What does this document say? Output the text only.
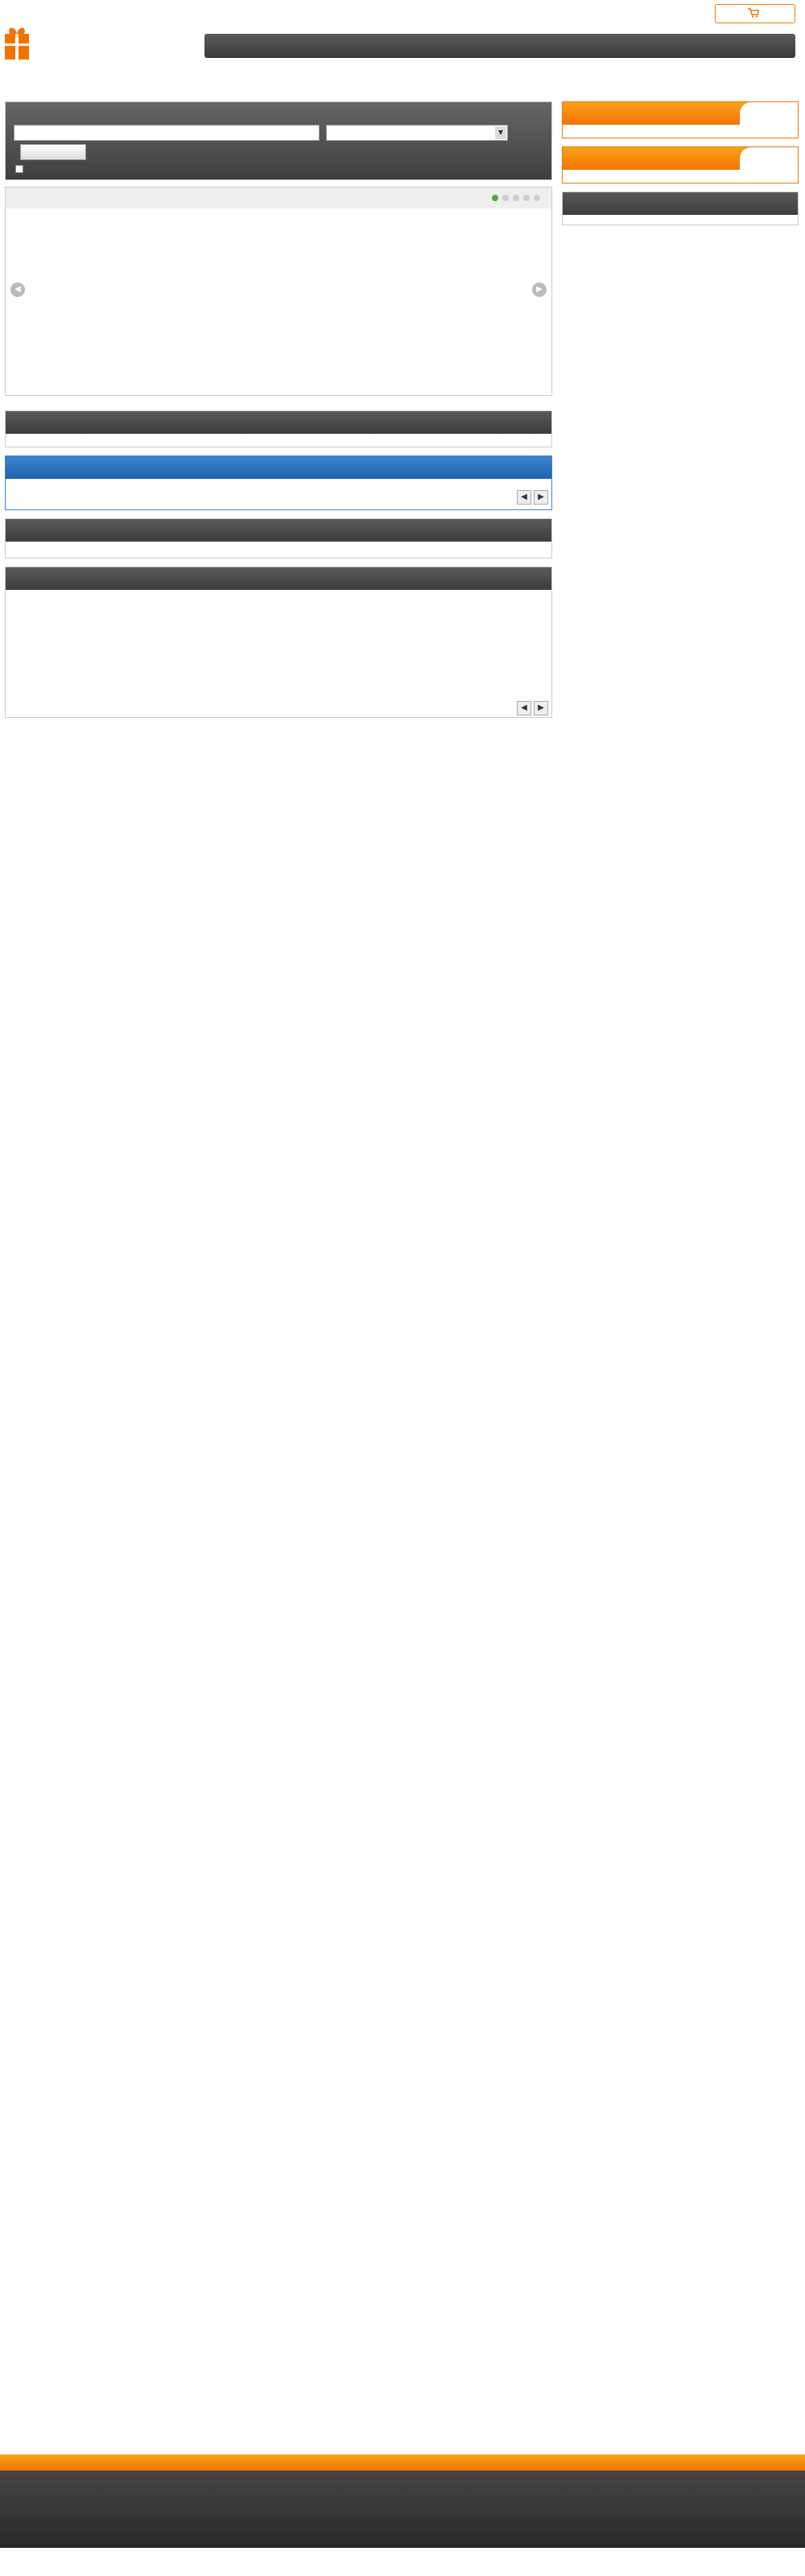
▼
◀	▶
◀	▶
◀	▶
